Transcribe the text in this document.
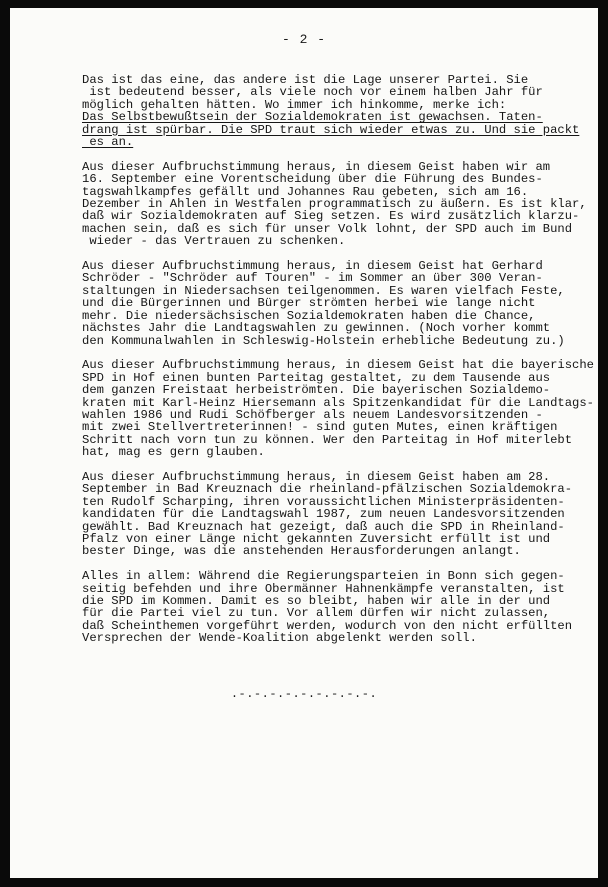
- 2 -
Das ist das eine, das andere ist die Lage unserer Partei. Sie
ist bedeutend besser, als viele noch vor einem halben Jahr für
möglich gehalten hätten. Wo immer ich hinkomme, merke ich:
Das Selbstbewußtsein der Sozialdemokraten ist gewachsen. Taten-
drang ist spürbar. Die SPD traut sich wieder etwas zu. Und sie packt
es an.
Aus dieser Aufbruchstimmung heraus, in diesem Geist haben wir am
16. September eine Vorentscheidung über die Führung des Bundes-
tagswahlkampfes gefällt und Johannes Rau gebeten, sich am 16.
Dezember in Ahlen in Westfalen programmatisch zu äußern. Es ist klar,
daß wir Sozialdemokraten auf Sieg setzen. Es wird zusätzlich klarzu-
machen sein, daß es sich für unser Volk lohnt, der SPD auch im Bund
wieder - das Vertrauen zu schenken.
Aus dieser Aufbruchstimmung heraus, in diesem Geist hat Gerhard
Schröder - "Schröder auf Touren" - im Sommer an über 300 Veran-
staltungen in Niedersachsen teilgenommen. Es waren vielfach Feste,
und die Bürgerinnen und Bürger strömten herbei wie lange nicht
mehr. Die niedersächsischen Sozialdemokraten haben die Chance,
nächstes Jahr die Landtagswahlen zu gewinnen. (Noch vorher kommt
den Kommunalwahlen in Schleswig-Holstein erhebliche Bedeutung zu.)
Aus dieser Aufbruchstimmung heraus, in diesem Geist hat die bayerische
SPD in Hof einen bunten Parteitag gestaltet, zu dem Tausende aus
dem ganzen Freistaat herbeiströmten. Die bayerischen Sozialdemo-
kraten mit Karl-Heinz Hiersemann als Spitzenkandidat für die Landtags-
wahlen 1986 und Rudi Schöfberger als neuem Landesvorsitzenden -
mit zwei Stellvertreterinnen! - sind guten Mutes, einen kräftigen
Schritt nach vorn tun zu können. Wer den Parteitag in Hof miterlebt
hat, mag es gern glauben.
Aus dieser Aufbruchstimmung heraus, in diesem Geist haben am 28.
September in Bad Kreuznach die rheinland-pfälzischen Sozialdemokra-
ten Rudolf Scharping, ihren voraussichtlichen Ministerpräsidenten-
kandidaten für die Landtagswahl 1987, zum neuen Landesvorsitzenden
gewählt. Bad Kreuznach hat gezeigt, daß auch die SPD in Rheinland-
Pfalz von einer Länge nicht gekannten Zuversicht erfüllt ist und
bester Dinge, was die anstehenden Herausforderungen anlangt.
Alles in allem: Während die Regierungsparteien in Bonn sich gegen-
seitig befehden und ihre Obermänner Hahnenkämpfe veranstalten, ist
die SPD im Kommen. Damit es so bleibt, haben wir alle in der und
für die Partei viel zu tun. Vor allem dürfen wir nicht zulassen,
daß Scheinthemen vorgeführt werden, wodurch von den nicht erfüllten
Versprechen der Wende-Koalition abgelenkt werden soll.
.-.-.-.-.-.-.-.-.-.
